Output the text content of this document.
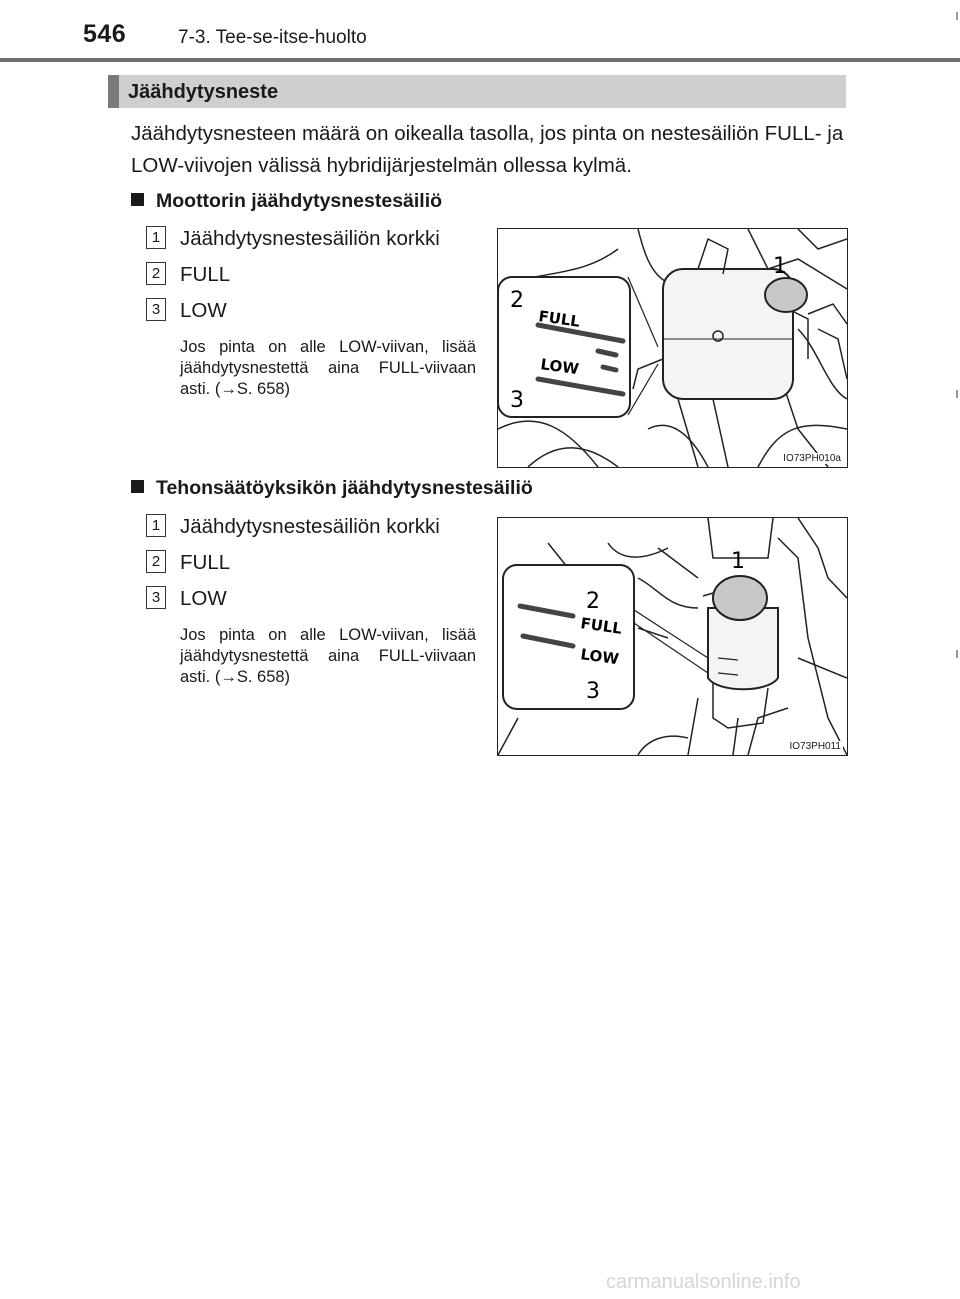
546	7-3. Tee-se-itse-huolto
Jäähdytysneste
Jäähdytysnesteen määrä on oikealla tasolla, jos pinta on nestesäiliön FULL- ja LOW-viivojen välissä hybridijärjestelmän ollessa kylmä.
Moottorin jäähdytysnestesäiliö
1 Jäähdytysnestesäiliön korkki
2 FULL
3 LOW
Jos pinta on alle LOW-viivan, lisää jäähdytysnestettä aina FULL-viivaan asti. (→S. 658)
FULL
LOW
1
2
3
IO73PH010a
Tehonsäätöyksikön jäähdytysnestesäiliö
1 Jäähdytysnestesäiliön korkki
2 FULL
3 LOW
Jos pinta on alle LOW-viivan, lisää jäähdytysnestettä aina FULL-viivaan asti. (→S. 658)
FULL
LOW
1
2
3
IO73PH011
carmanualsonline.info
